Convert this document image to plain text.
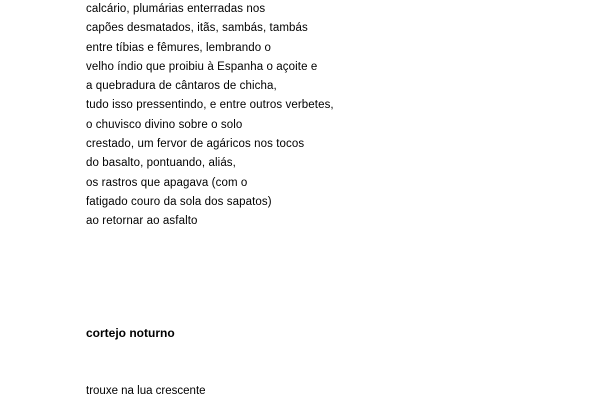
calcário, plumárias enterradas nos
capões desmatados, itãs, sambás, tambás
entre tíbias e fêmures, lembrando o
velho índio que proibiu à Espanha o açoite e
a quebradura de cântaros de chicha,
tudo isso pressentindo, e entre outros verbetes,
o chuvisco divino sobre o solo
crestado, um fervor de agáricos nos tocos
do basalto, pontuando, aliás,
os rastros que apagava (com o
fatigado couro da sola dos sapatos)
ao retornar ao asfalto
cortejo noturno
trouxe na lua crescente
